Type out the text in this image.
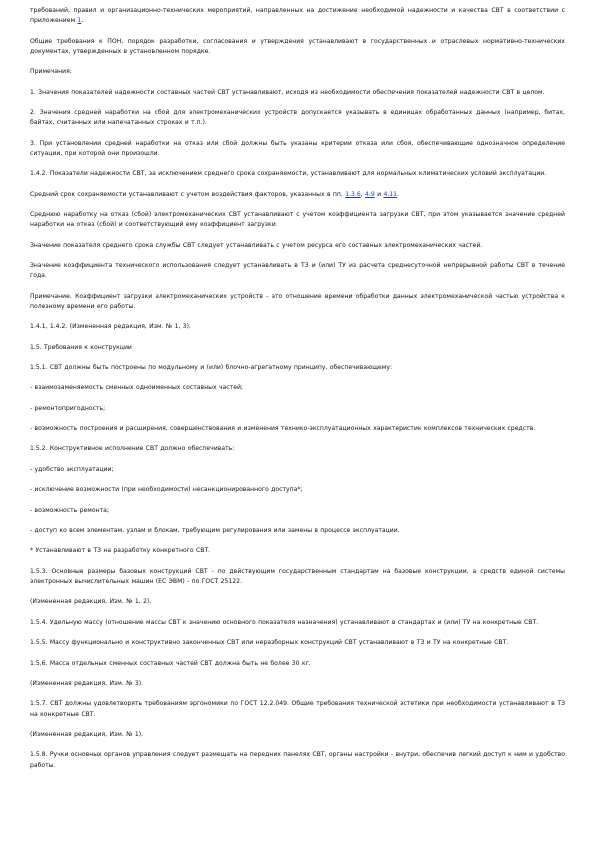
требований, правил и организационно-технических мероприятий, направленных на достижение необходимой надежности и качества СВТ в соответствии с приложением 1.

Общие требования к ПОН, порядок разработки, согласования и утверждения устанавливают в государственных и отраслевых нормативно-технических документах, утвержденных в установленном порядке.

Примечания:

1. Значения показателей надежности составных частей СВТ устанавливают, исходя из необходимости обеспечения показателей надежности СВТ в целом.

2. Значения средней наработки на сбой для электромеханических устройств допускается указывать в единицах обработанных данных (например, битах, байтах, считанных или напечатанных строках и т.п.).

3. При установлении средней наработки на отказ или сбой должны быть указаны критерии отказа или сбоя, обеспечивающие однозначное определение ситуации, при которой они произошли.

1.4.2. Показатели надежности СВТ, за исключением среднего срока сохраняемости, устанавливают для нормальных климатических условий эксплуатации.

Средний срок сохраняемости устанавливают с учетом воздействия факторов, указанных в пп. 1.3.6, 4.9 и 4.11.

Среднюю наработку на отказ (сбой) электромеханических СВТ устанавливают с учетом коэффициента загрузки СВТ, при этом указывается значение средней наработки на отказ (сбой) и соответствующий ему коэффициент загрузки.

Значение показателя среднего срока службы СВТ следует устанавливать с учетом ресурса его составных электромеханических частей.

Значение коэффициента технического использования следует устанавливать в ТЗ и (или) ТУ из расчета среднесуточной непрерывной работы СВТ в течение года.

Примечание. Коэффициент загрузки электромеханических устройств - это отношение времени обработки данных электромеханической частью устройства к полезному времени его работы.

1.4.1, 1.4.2. (Измененная редакция, Изм. № 1, 3).

1.5. Требования к конструкции

1.5.1. СВТ должны быть построены по модульному и (или) блочно-агрегатному принципу, обеспечивающему:

- взаимозаменяемость сменных одноименных составных частей;

- ремонтопригодность;

- возможность построения и расширения, совершенствования и изменения технико-эксплуатационных характеристик комплексов технических средств.

1.5.2. Конструктивное исполнение СВТ должно обеспечивать:

- удобство эксплуатации;

- исключение возможности (при необходимости) несанкционированного доступа*;

- возможность ремонта;

- доступ ко всем элементам, узлам и блокам, требующим регулирования или замены в процессе эксплуатации.

* Устанавливают в ТЗ на разработку конкретного СВТ.

1.5.3. Основные размеры базовых конструкций СВТ - по действующим государственным стандартам на базовые конструкции, а средств единой системы электронных вычислительных машин (ЕС ЭВМ) - по ГОСТ 25122.

(Измененная редакция, Изм. № 1, 2).

1.5.4. Удельную массу (отношение массы СВТ к значению основного показателя назначения) устанавливают в стандартах и (или) ТУ на конкретные СВТ.

1.5.5. Массу функционально и конструктивно законченных СВТ или неразборных конструкций СВТ устанавливают в ТЗ и ТУ на конкретные СВТ.

1.5.6. Масса отдельных сменных составных частей СВТ должна быть не более 30 кг.

(Измененная редакция, Изм. № 3).

1.5.7. СВТ должны удовлетворять требованиям эргономики по ГОСТ 12.2.049. Общие требования технической эстетики при необходимости устанавливают в ТЗ на конкретные СВТ.

(Измененная редакция, Изм. № 1).

1.5.8. Ручки основных органов управления следует размещать на передних панелях СВТ, органы настройки - внутри, обеспечив легкий доступ к ним и удобство работы.
